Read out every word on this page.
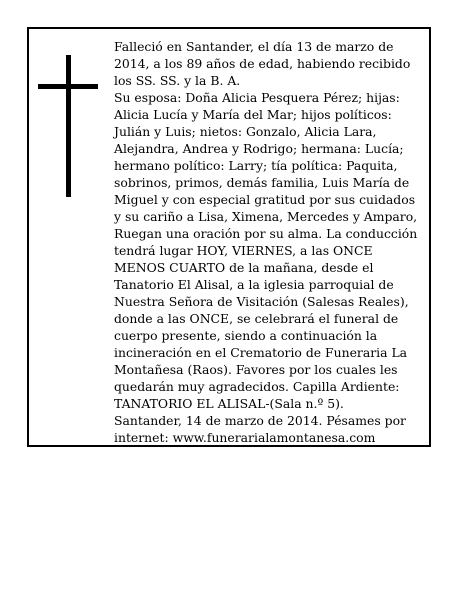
Falleció en Santander, el día 13 de marzo de 2014, a los 89 años de edad, habiendo recibido los SS. SS. y la B. A.

Su esposa: Doña Alicia Pesquera Pérez; hijas: Alicia Lucía y María del Mar; hijos políticos: Julián y Luis; nietos: Gonzalo, Alicia Lara, Alejandra, Andrea y Rodrigo; hermana: Lucía; hermano político: Larry; tía política: Paquita, sobrinos, primos, demás familia, Luis María de Miguel y con especial gratitud por sus cuidados y su cariño a Lisa, Ximena, Mercedes y Amparo,

Ruegan una oración por su alma. La conducción tendrá lugar HOY, VIERNES, a las ONCE MENOS CUARTO de la mañana, desde el Tanatorio El Alisal, a la iglesia parroquial de Nuestra Señora de Visitación (Salesas Reales), donde a las ONCE, se celebrará el funeral de cuerpo presente, siendo a continuación la incineración en el Crematorio de Funeraria La Montañesa (Raos). Favores por los cuales les quedarán muy agradecidos. Capilla Ardiente: TANATORIO EL ALISAL-(Sala n.º 5).

Santander, 14 de marzo de 2014. Pésames por internet: www.funerarialamontanesa.com
